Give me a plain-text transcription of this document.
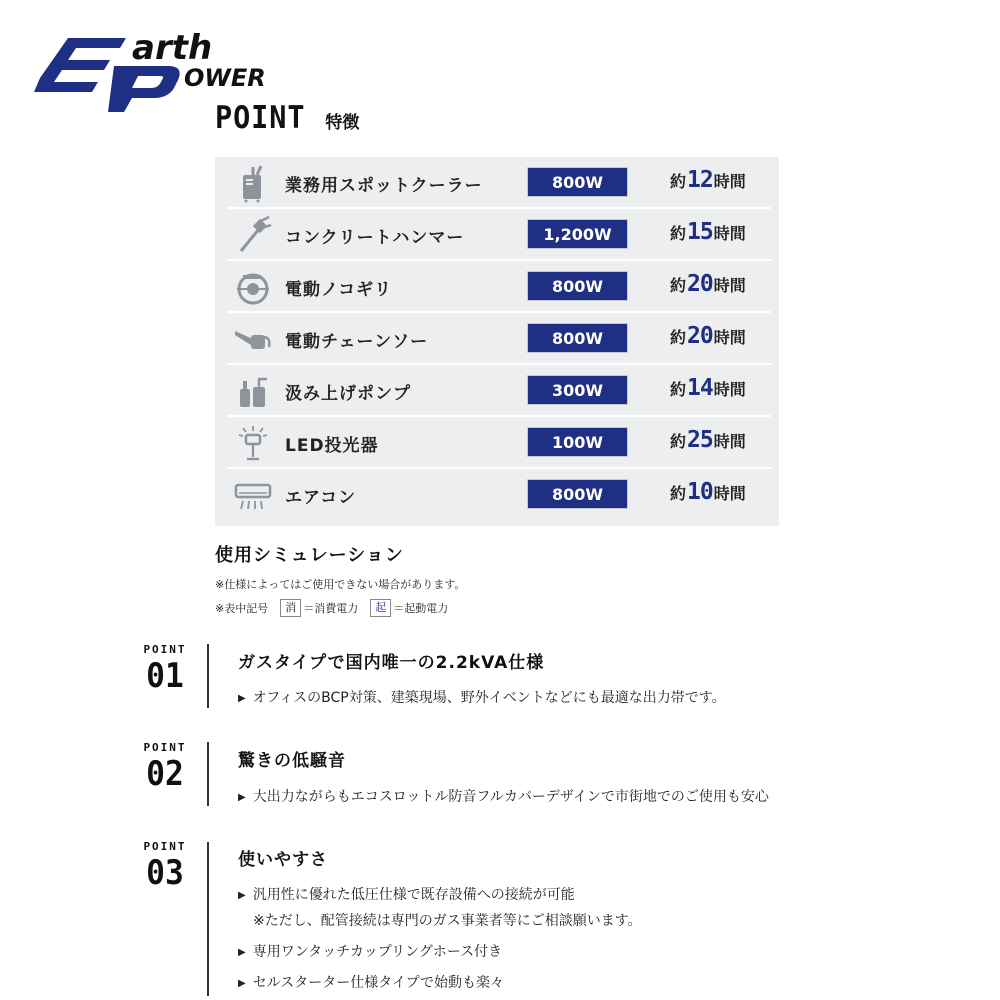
arth
OWER
POINT 特徴
業務用スポットクーラー	800W	約12時間
コンクリートハンマー	1,200W	約15時間
電動ノコギリ	800W	約20時間
電動チェーンソー	800W	約20時間
汲み上げポンプ	300W	約14時間
LED投光器	100W	約25時間
エアコン	800W	約10時間
使用シミュレーション
※仕様によってはご使用できない場合があります。
※表中記号	消 ＝消費電力	起 ＝起動電力
POINT
01	ガスタイプで国内唯一の2.2kVA仕様
▶ オフィスのBCP対策、建築現場、野外イベントなどにも最適な出力帯です。
POINT
02	驚きの低騒音
▶ 大出力ながらもエコスロットル防音フルカバーデザインで市街地でのご使用も安心
POINT
03	使いやすさ
▶ 汎用性に優れた低圧仕様で既存設備への接続が可能
※ただし、配管接続は専門のガス事業者等にご相談願います。
▶ 専用ワンタッチカップリングホース付き
▶ セルスターター仕様タイプで始動も楽々
